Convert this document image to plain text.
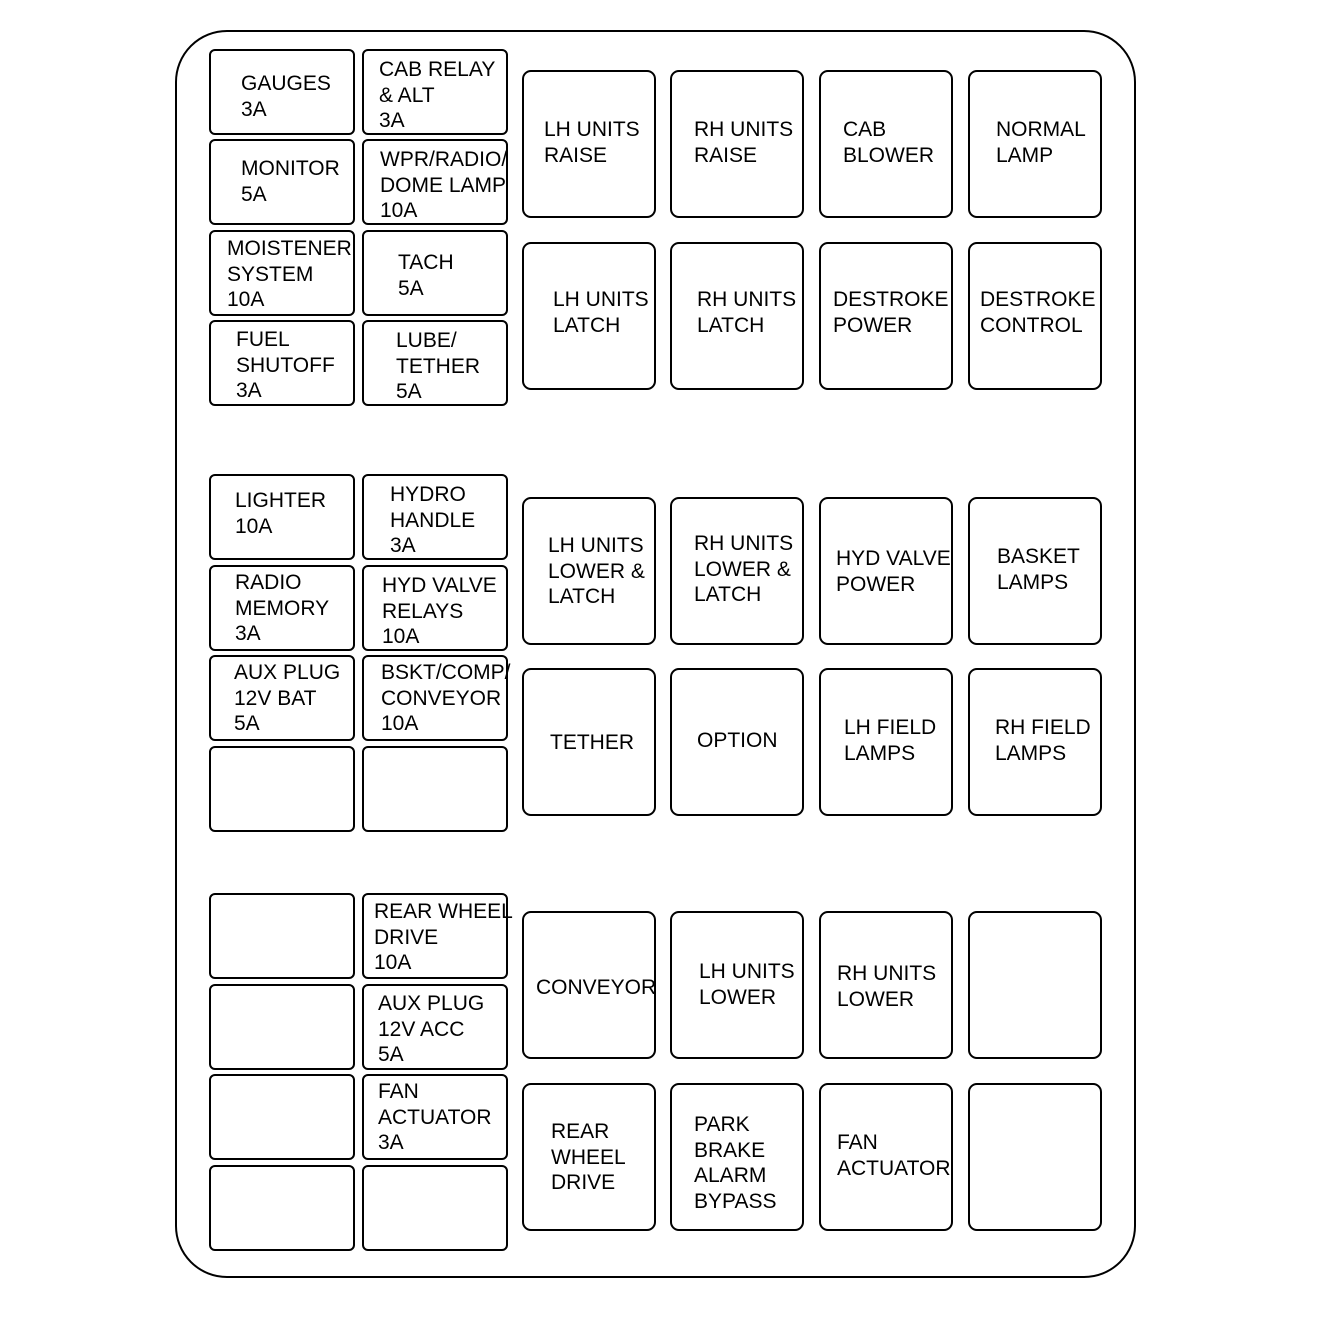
GAUGES
3A
CAB RELAY
& ALT
3A
MONITOR
5A
WPR/RADIO/
DOME LAMP
10A
MOISTENER
SYSTEM
10A
TACH
5A
FUEL
SHUTOFF
3A
LUBE/
TETHER
5A
LIGHTER
10A
HYDRO
HANDLE
3A
RADIO
MEMORY
3A
HYD VALVE
RELAYS
10A
AUX PLUG
12V BAT
5A
BSKT/COMP/
CONVEYOR
10A
REAR WHEEL
DRIVE
10A
AUX PLUG
12V ACC
5A
FAN
ACTUATOR
3A
LH UNITS
RAISE
RH UNITS
RAISE
CAB
BLOWER
NORMAL
LAMP
LH UNITS
LATCH
RH UNITS
LATCH
DESTROKE
POWER
DESTROKE
CONTROL
LH UNITS
LOWER &
LATCH
RH UNITS
LOWER &
LATCH
HYD VALVE
POWER
BASKET
LAMPS
TETHER	OPTION
LH FIELD
LAMPS
RH FIELD
LAMPS
CONVEYOR
LH UNITS
LOWER
RH UNITS
LOWER
REAR
WHEEL
DRIVE
PARK
BRAKE
ALARM
BYPASS
FAN
ACTUATOR
